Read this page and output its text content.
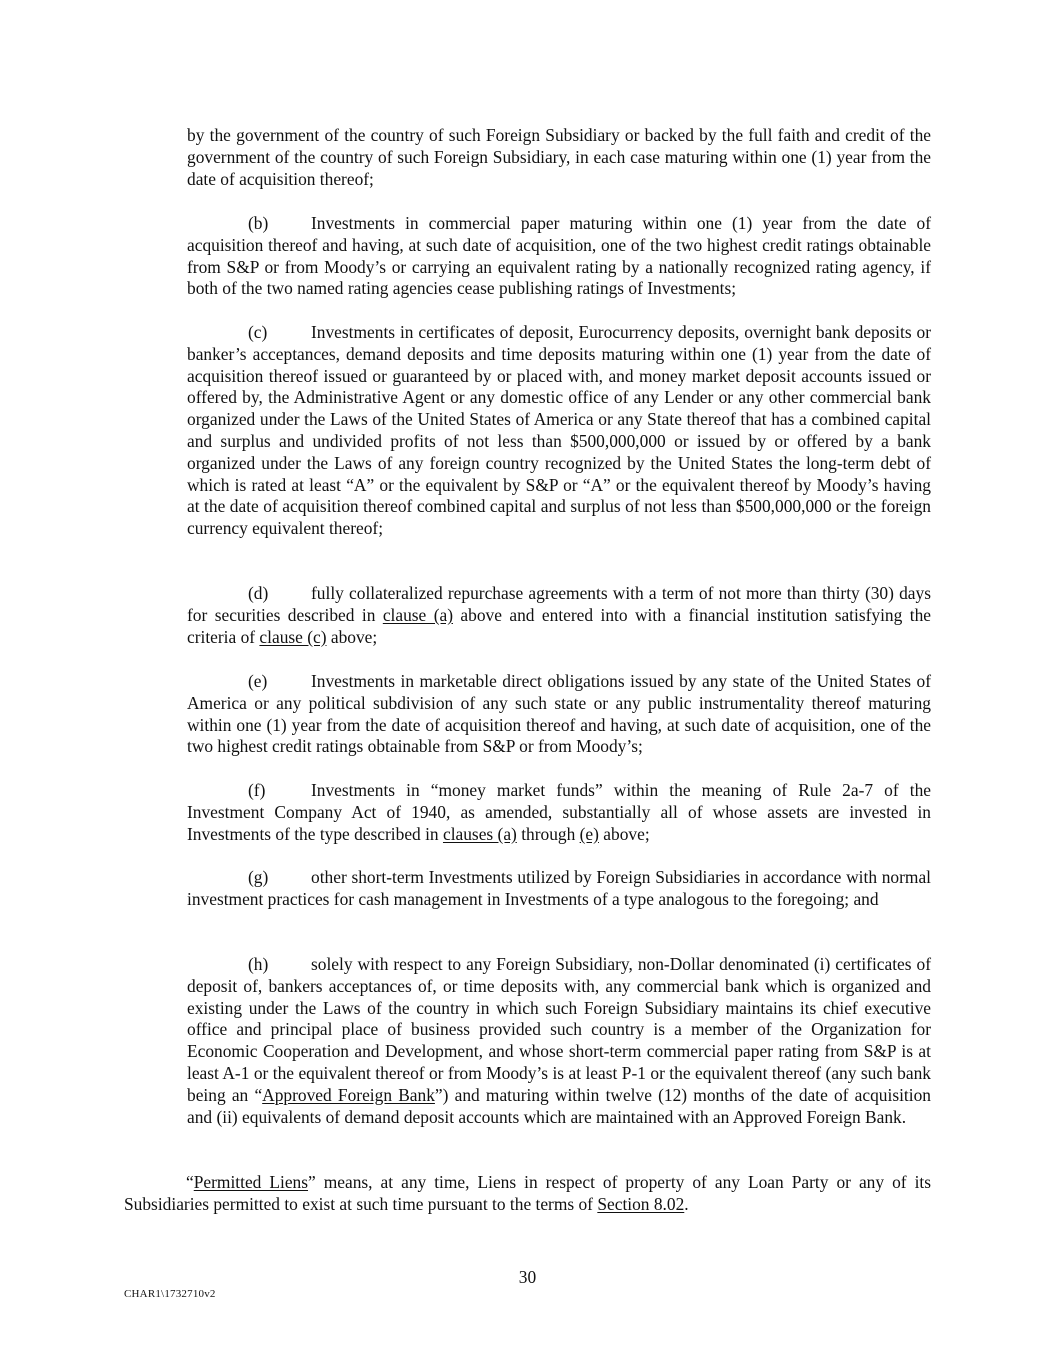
by the government of the country of such Foreign Subsidiary or backed by the full faith and credit of the government of the country of such Foreign Subsidiary, in each case maturing within one (1) year from the date of acquisition thereof;

(b) Investments in commercial paper maturing within one (1) year from the date of acquisition thereof and having, at such date of acquisition, one of the two highest credit ratings obtainable from S&P or from Moody’s or carrying an equivalent rating by a nationally recognized rating agency, if both of the two named rating agencies cease publishing ratings of Investments;

(c)	Investments in certificates of deposit, Eurocurrency deposits, overnight bank deposits or banker’s acceptances, demand deposits and time deposits maturing within one (1) year from the date of acquisition thereof issued or guaranteed by or placed with, and money market deposit accounts issued or offered by, the Administrative Agent or any domestic office of any Lender or any other commercial bank organized under the Laws of the United States of America or any State thereof that has a combined capital and surplus and undivided profits of not less than $500,000,000 or issued by or offered by a bank organized under the Laws of any foreign country recognized by the United States the long-term debt of which is rated at least “A” or the equivalent by S&P or “A” or the equivalent thereof by Moody’s having at the date of acquisition thereof combined capital and surplus of not less than $500,000,000 or the foreign currency equivalent thereof;

(d) fully collateralized repurchase agreements with a term of not more than thirty (30) days for securities described in clause (a) above and entered into with a financial institution satisfying the criteria of clause (c) above;

(e)	Investments in marketable direct obligations issued by any state of the United States of America or any political subdivision of any such state or any public instrumentality thereof maturing within one (1) year from the date of acquisition thereof and having, at such date of acquisition, one of the two highest credit ratings obtainable from S&P or from Moody’s;

(f)	Investments in “money market funds” within the meaning of Rule 2a-7 of the Investment Company Act of 1940, as amended, substantially all of whose assets are invested in Investments of the type described in clauses (a) through (e) above;

(g) other short-term Investments utilized by Foreign Subsidiaries in accordance with normal investment practices for cash management in Investments of a type analogous to the foregoing; and

(h) solely with respect to any Foreign Subsidiary, non-Dollar denominated (i) certificates of deposit of, bankers acceptances of, or time deposits with, any commercial bank which is organized and existing under the Laws of the country in which such Foreign Subsidiary maintains its chief executive office and principal place of business provided such country is a member of the Organization for Economic Cooperation and Development, and whose short-term commercial paper rating from S&P is at least A-1 or the equivalent thereof or from Moody’s is at least P-1 or the equivalent thereof (any such bank being an “Approved Foreign Bank”) and maturing within twelve (12) months of the date of acquisition and (ii) equivalents of demand deposit accounts which are maintained with an Approved Foreign Bank.

“Permitted Liens” means, at any time, Liens in respect of property of any Loan Party or any of its Subsidiaries permitted to exist at such time pursuant to the terms of Section 8.02.

30
CHAR1\1732710v2
